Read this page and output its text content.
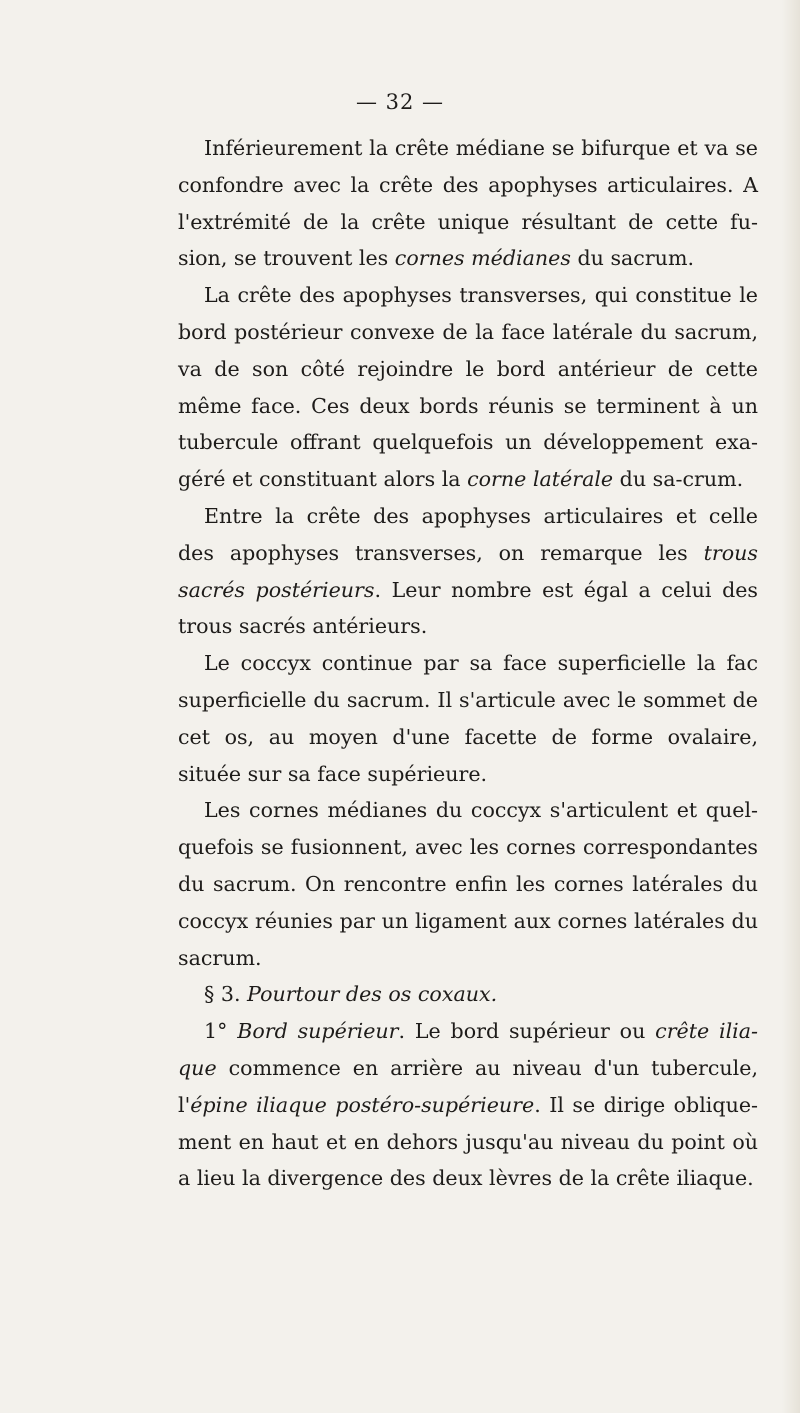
— 32 —

Inférieurement la crête médiane se bifurque et va se confondre avec la crête des apophyses articulaires. A l'extrémité de la crête unique résultant de cette fu-sion, se trouvent les cornes médianes du sacrum.

La crête des apophyses transverses, qui constitue le bord postérieur convexe de la face latérale du sacrum, va de son côté rejoindre le bord antérieur de cette même face. Ces deux bords réunis se terminent à un tubercule offrant quelquefois un développement exa-géré et constituant alors la corne latérale du sa-crum.

Entre la crête des apophyses articulaires et celle des apophyses transverses, on remarque les trous sacrés postérieurs. Leur nombre est égal a celui des trous sacrés antérieurs.

Le coccyx continue par sa face superficielle la fac superficielle du sacrum. Il s'articule avec le sommet de cet os, au moyen d'une facette de forme ovalaire, située sur sa face supérieure.

Les cornes médianes du coccyx s'articulent et quel-quefois se fusionnent, avec les cornes correspondantes du sacrum. On rencontre enfin les cornes latérales du coccyx réunies par un ligament aux cornes latérales du sacrum.

§ 3. Pourtour des os coxaux.

1° Bord supérieur. Le bord supérieur ou crête ilia-que commence en arrière au niveau d'un tubercule, l'épine iliaque postéro-supérieure. Il se dirige oblique-ment en haut et en dehors jusqu'au niveau du point où a lieu la divergence des deux lèvres de la crête iliaque.
